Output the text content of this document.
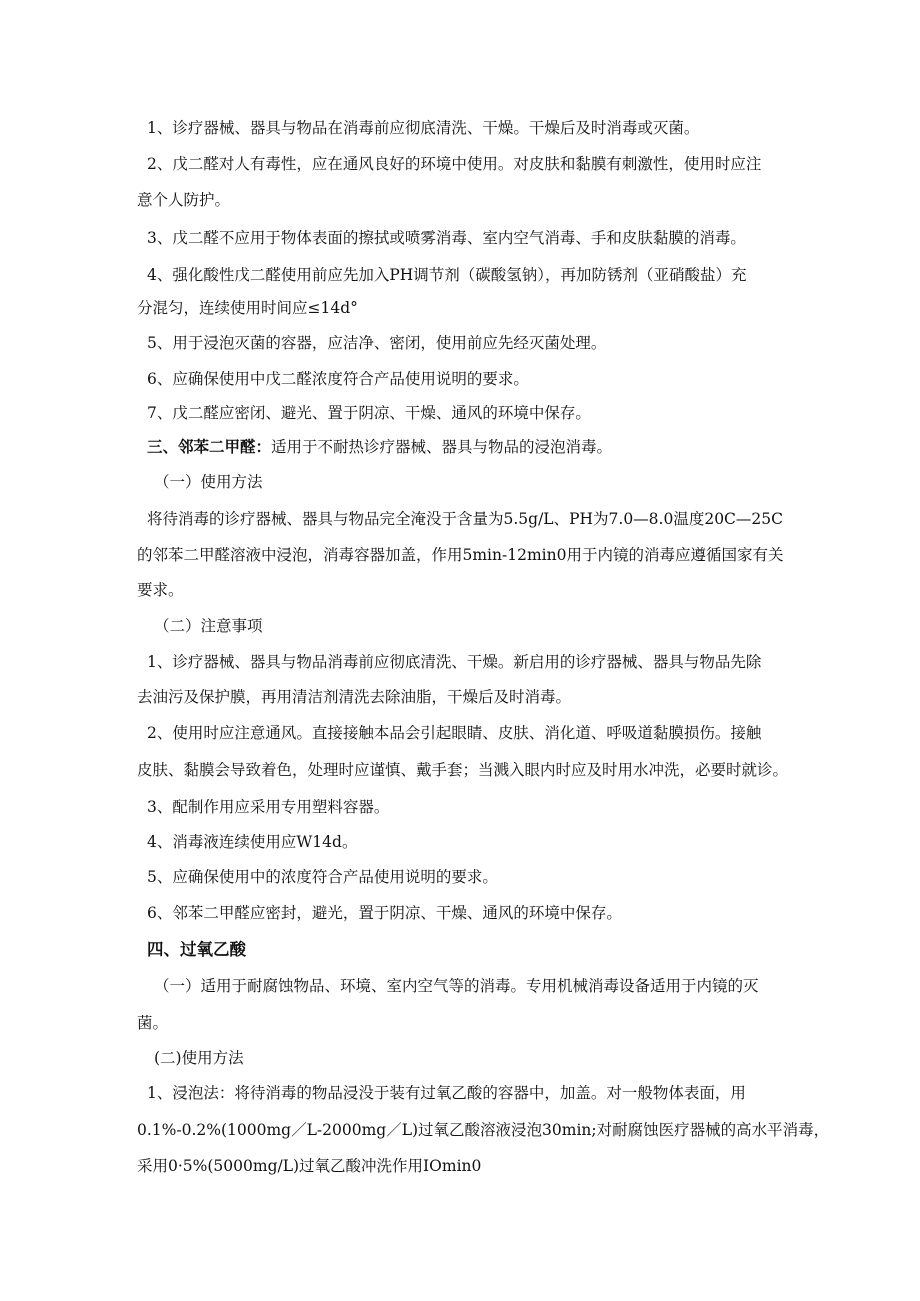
1、诊疗器械、器具与物品在消毒前应彻底清洗、干燥。干燥后及时消毒或灭菌。
2、戊二醛对人有毒性，应在通风良好的环境中使用。对皮肤和黏膜有刺激性，使用时应注
意个人防护。
3、戊二醛不应用于物体表面的擦拭或喷雾消毒、室内空气消毒、手和皮肤黏膜的消毒。
4、强化酸性戊二醛使用前应先加入PH调节剂（碳酸氢钠），再加防锈剂（亚硝酸盐）充
分混匀，连续使用时间应≤14d°
5、用于浸泡灭菌的容器，应洁净、密闭，使用前应先经灭菌处理。
6、应确保使用中戊二醛浓度符合产品使用说明的要求。
7、戊二醛应密闭、避光、置于阴凉、干燥、通风的环境中保存。
三、邻苯二甲醛：适用于不耐热诊疗器械、器具与物品的浸泡消毒。
（一）使用方法
将待消毒的诊疗器械、器具与物品完全淹没于含量为5.5g/L、PH为7.0—8.0温度20C—25C
的邻苯二甲醛溶液中浸泡，消毒容器加盖，作用5min-12min0用于内镜的消毒应遵循国家有关
要求。
（二）注意事项
1、诊疗器械、器具与物品消毒前应彻底清洗、干燥。新启用的诊疗器械、器具与物品先除
去油污及保护膜，再用清洁剂清洗去除油脂，干燥后及时消毒。
2、使用时应注意通风。直接接触本品会引起眼睛、皮肤、消化道、呼吸道黏膜损伤。接触
皮肤、黏膜会导致着色，处理时应谨慎、戴手套；当溅入眼内时应及时用水冲洗，必要时就诊。
3、配制作用应采用专用塑料容器。
4、消毒液连续使用应W14d。
5、应确保使用中的浓度符合产品使用说明的要求。
6、邻苯二甲醛应密封，避光，置于阴凉、干燥、通风的环境中保存。
四、过氧乙酸
（一）适用于耐腐蚀物品、环境、室内空气等的消毒。专用机械消毒设备适用于内镜的灭
菌。
(二)使用方法
1、浸泡法：将待消毒的物品浸没于装有过氧乙酸的容器中，加盖。对一般物体表面，用
0.1%-0.2%(1000mg／L-2000mg／L)过氧乙酸溶液浸泡30min;对耐腐蚀医疗器械的高水平消毒，
采用0·5%(5000mg/L)过氧乙酸冲洗作用IOmin0
